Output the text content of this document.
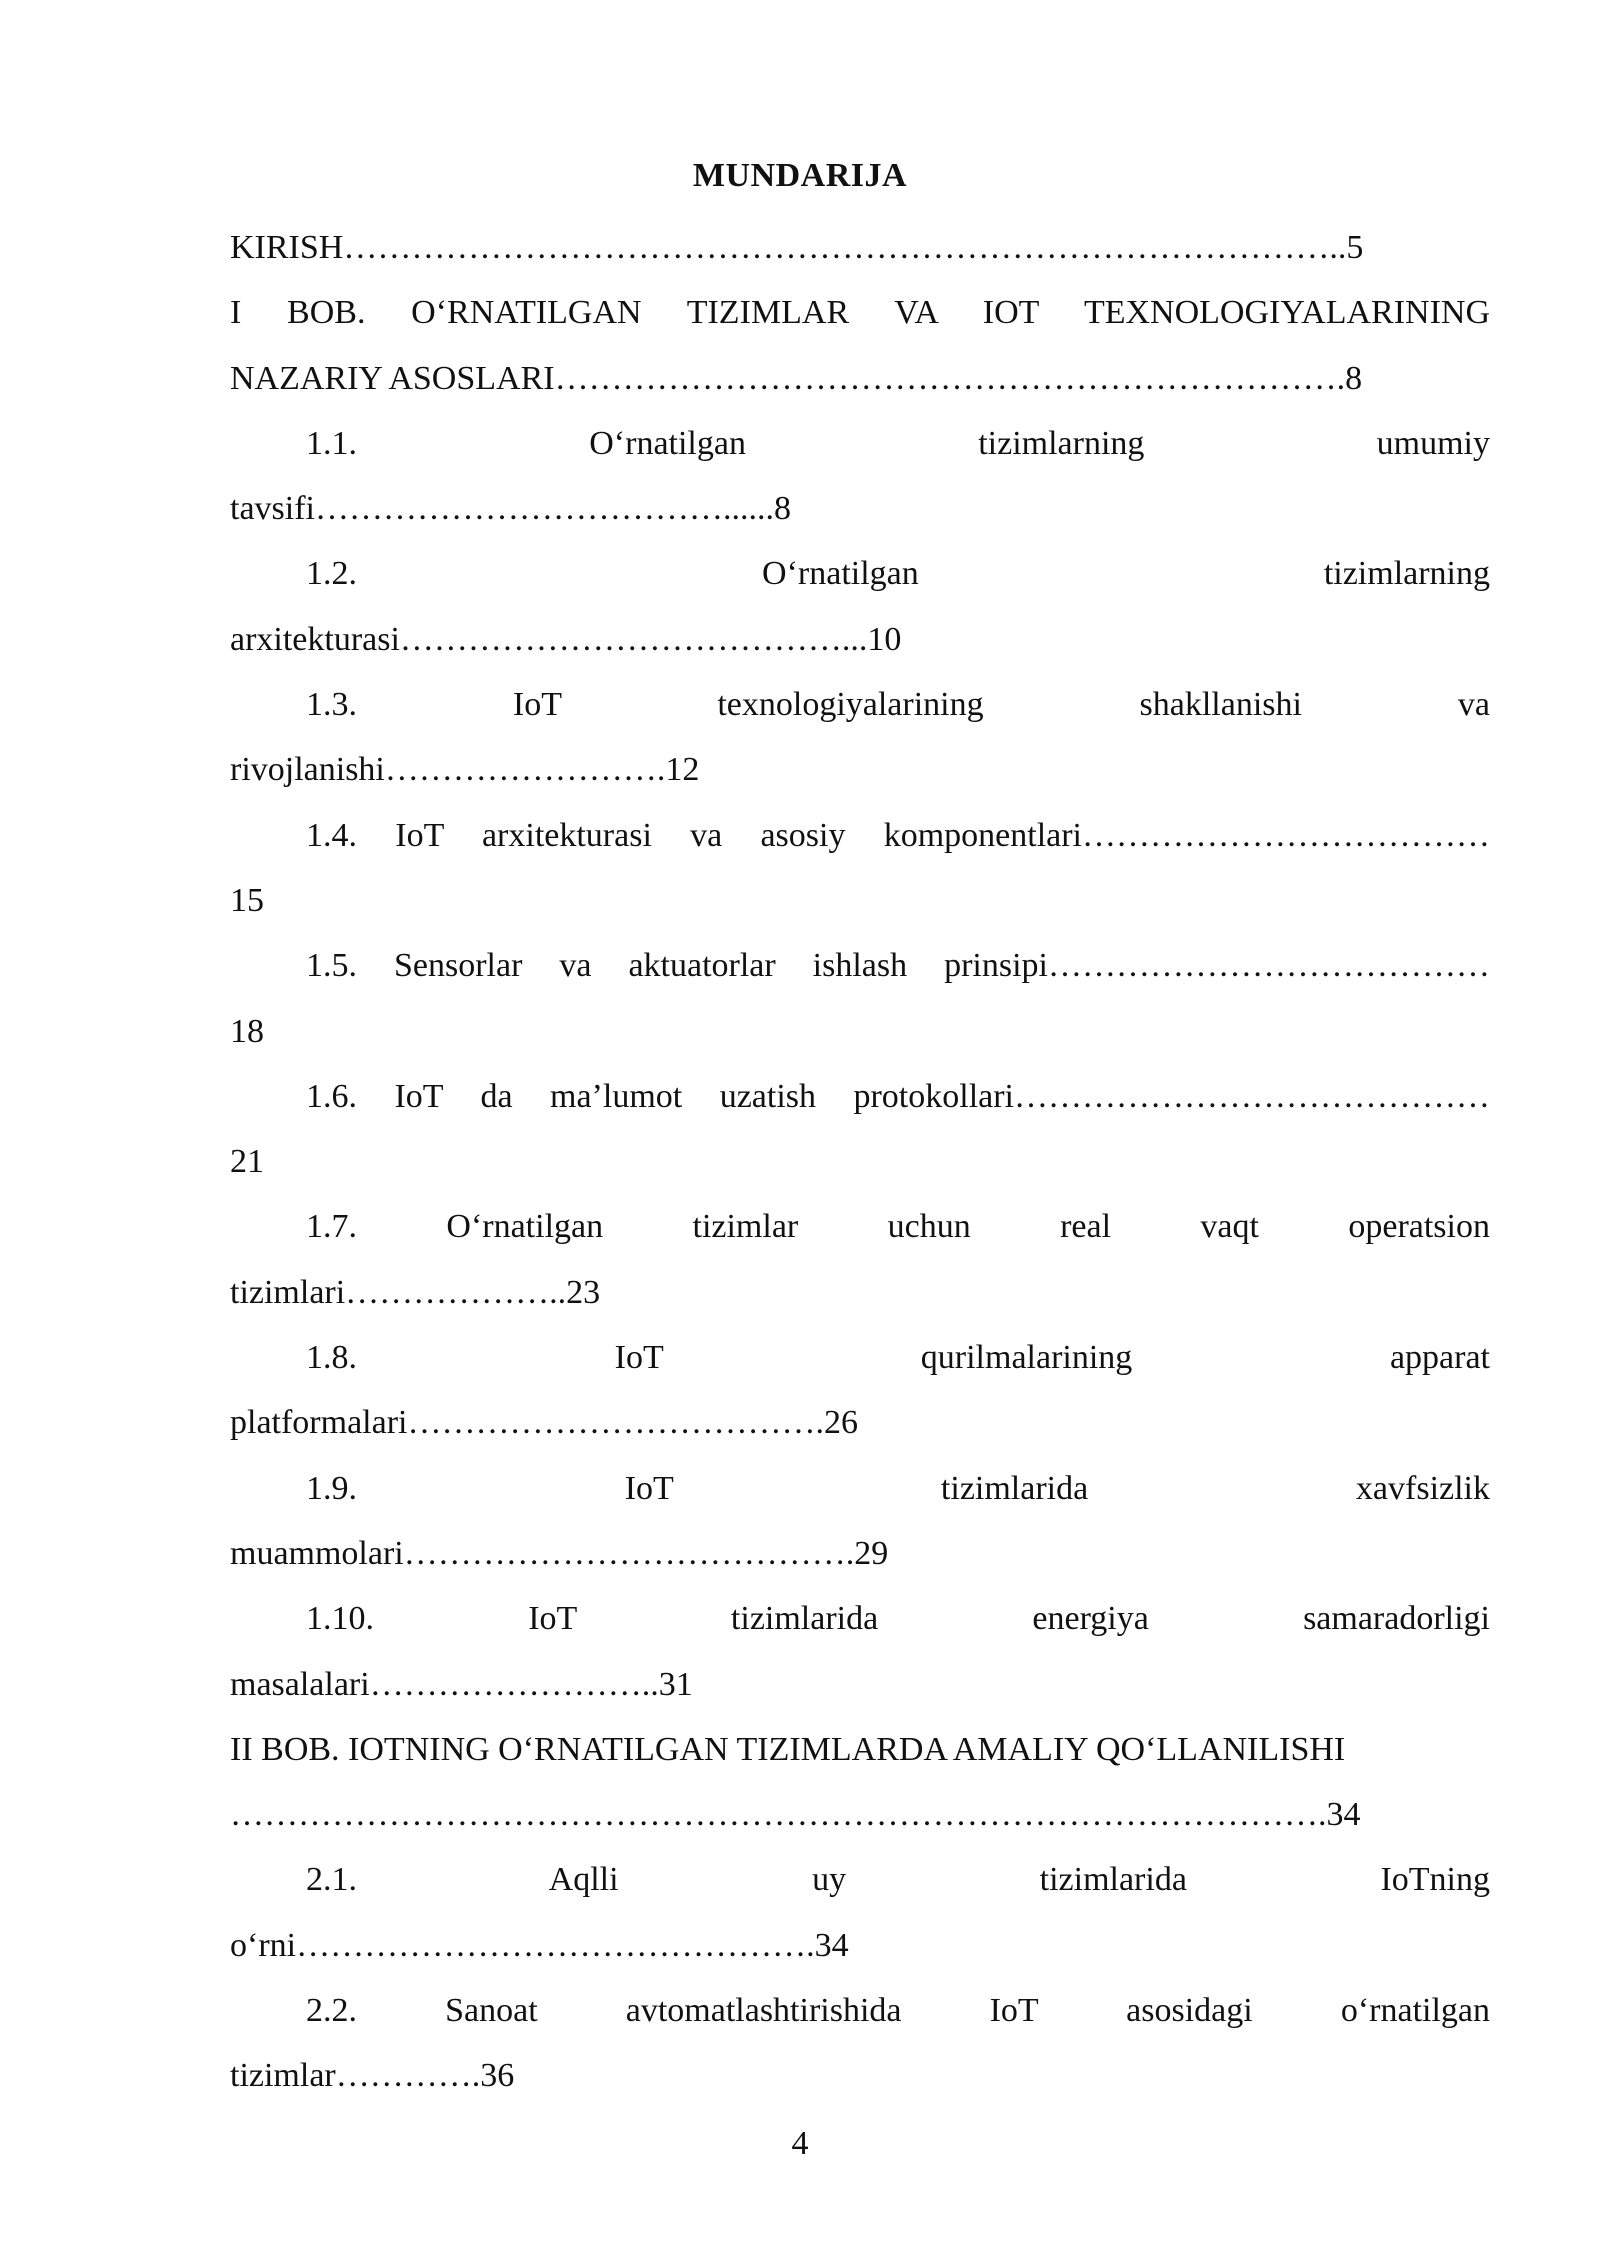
MUNDARIJA
KIRISH……………………………………………………………………………..5
I BOB. O‘RNATILGAN TIZIMLAR VA IOT TEXNOLOGIYALARINING
NAZARIY ASOSLARI…………………………………………………………….8
1.1. O‘rnatilgan tizimlarning umumiy
tavsifi………………………………......8
1.2. O‘rnatilgan tizimlarning
arxitekturasi…………………………………...10
1.3. IoT texnologiyalarining shakllanishi va
rivojlanishi…………………….12
1.4. IoT arxitekturasi va asosiy komponentlari………………………………
15
1.5. Sensorlar va aktuatorlar ishlash prinsipi…………………………………
18
1.6. IoT da ma’lumot uzatish protokollari……………………………………
21
1.7. O‘rnatilgan tizimlar uchun real vaqt operatsion
tizimlari………………..23
1.8. IoT qurilmalarining apparat
platformalari……………………………….26
1.9. IoT tizimlarida xavfsizlik
muammolari………………………………….29
1.10. IoT tizimlarida energiya samaradorligi
masalalari……………………..31
II BOB. IOTNING O‘RNATILGAN TIZIMLARDA AMALIY QO‘LLANILISHI
…………………………………………………………………………………….34
2.1. Aqlli uy tizimlarida IoTning
o‘rni……………………………………….34
2.2. Sanoat avtomatlashtirishida IoT asosidagi o‘rnatilgan
tizimlar………….36
4
